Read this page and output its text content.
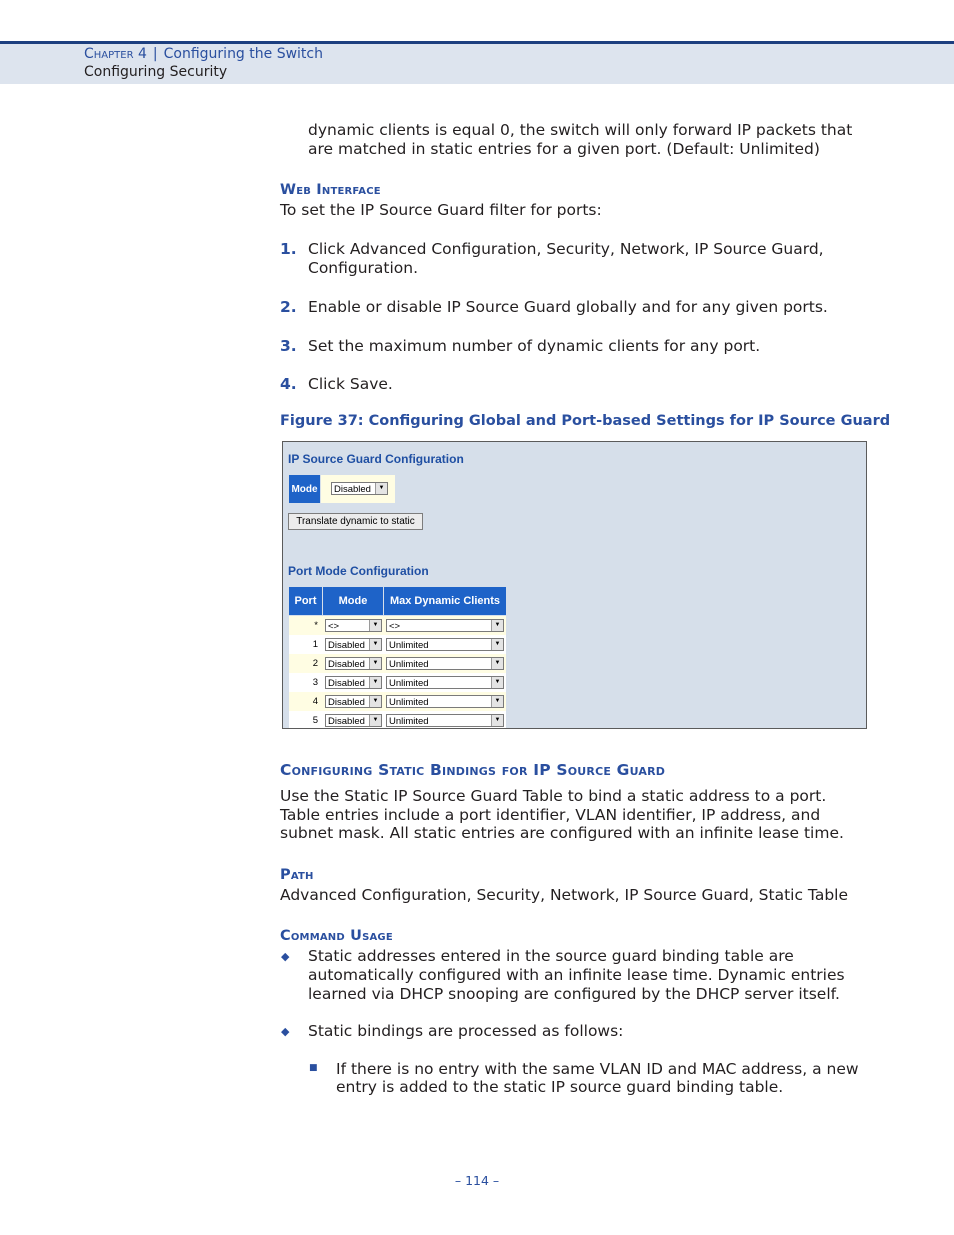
Chapter 4 | Configuring the Switch
Configuring Security
dynamic clients is equal 0, the switch will only forward IP packets that
are matched in static entries for a given port. (Default: Unlimited)
Web Interface
To set the IP Source Guard filter for ports:
1. Click Advanced Configuration, Security, Network, IP Source Guard,
Configuration.
2. Enable or disable IP Source Guard globally and for any given ports.
3. Set the maximum number of dynamic clients for any port.
4. Click Save.
Figure 37: Configuring Global and Port-based Settings for IP Source Guard
IP Source Guard Configuration
Mode	Disabled	▼
Translate dynamic to static
Port Mode Configuration
Port	Mode	Max Dynamic Clients
*	<>	▼	<>	▼
1	Disabled	▼	Unlimited	▼
2	Disabled	▼	Unlimited	▼
3	Disabled	▼	Unlimited	▼
4	Disabled	▼	Unlimited	▼
5	Disabled	▼	Unlimited	▼
Configuring Static Bindings for IP Source Guard
Use the Static IP Source Guard Table to bind a static address to a port.
Table entries include a port identifier, VLAN identifier, IP address, and
subnet mask. All static entries are configured with an infinite lease time.
Path
Advanced Configuration, Security, Network, IP Source Guard, Static Table
Command Usage
◆ Static addresses entered in the source guard binding table are
automatically configured with an infinite lease time. Dynamic entries
learned via DHCP snooping are configured by the DHCP server itself.
◆ Static bindings are processed as follows:
■ If there is no entry with the same VLAN ID and MAC address, a new
entry is added to the static IP source guard binding table.
– 114 –
